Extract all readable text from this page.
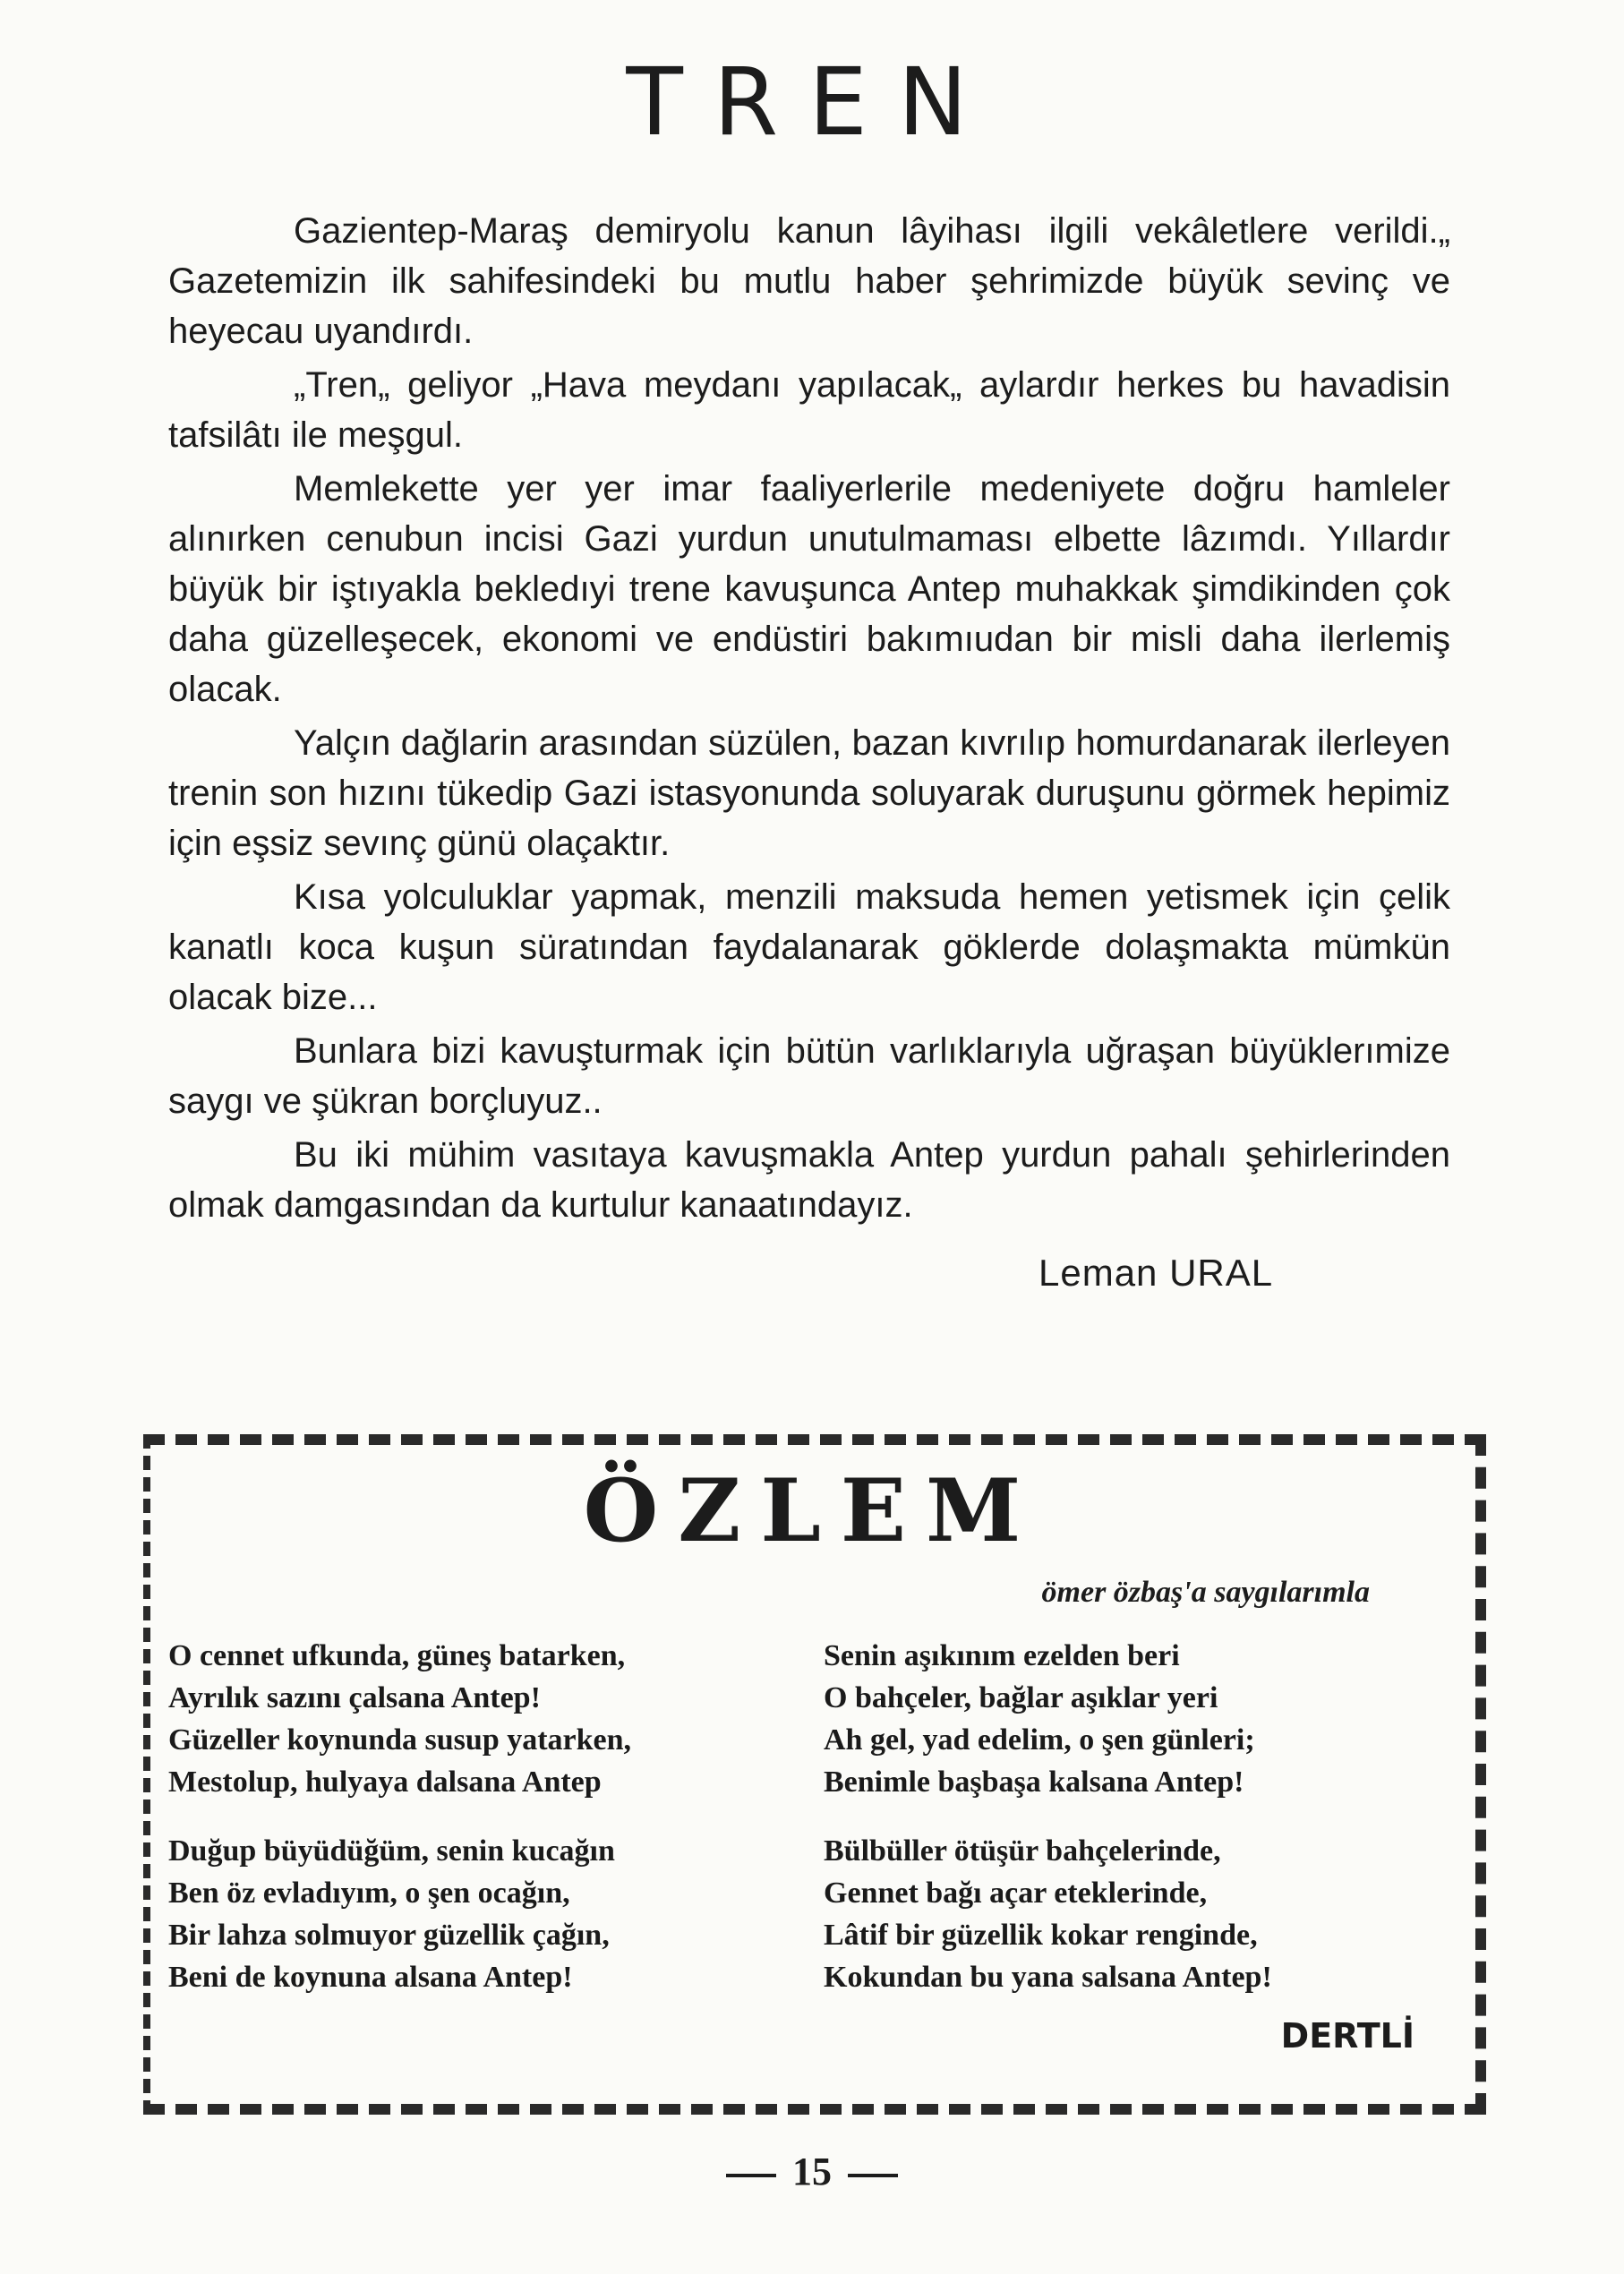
TREN

Gazientep-Maraş demiryolu kanun lâyihası ilgili vekâletlere verildi.„ Gazetemizin ilk sahifesindeki bu mutlu haber şehrimizde büyük sevinç ve heyecau uyandırdı.

„Tren„ geliyor „Hava meydanı yapılacak„ aylardır herkes bu havadisin tafsilâtı ile meşgul.

Memlekette yer yer imar faaliyerlerile medeniyete doğru hamleler alınırken cenubun incisi Gazi yurdun unutulmaması elbette lâzımdı. Yıllardır büyük bir iştıyakla bekledıyi trene kavuşunca Antep muhakkak şimdikinden çok daha güzelleşecek, ekonomi ve endüstiri bakımıudan bir misli daha ilerlemiş olacak.

Yalçın dağlarin arasından süzülen, bazan kıvrılıp homurdanarak ilerleyen trenin son hızını tükedip Gazi istasyonunda soluyarak duruşunu görmek hepimiz için eşsiz sevınç günü olaçaktır.

Kısa yolculuklar yapmak, menzili maksuda hemen yetismek için çelik kanatlı koca kuşun süratından faydalanarak göklerde dolaşmakta mümkün olacak bize...

Bunlara bizi kavuşturmak için bütün varlıklarıyla uğraşan büyüklerımize saygı ve şükran borçluyuz..

Bu iki mühim vasıtaya kavuşmakla Antep yurdun pahalı şehirlerinden olmak damgasından da kurtulur kanaatındayız.

Leman URAL
ÖZLEM
ömer özbaş'a saygılarımla
O cennet ufkunda, güneş batarken,
Ayrılık sazını çalsana Antep!
Güzeller koynunda susup yatarken,
Mestolup, hulyaya dalsana Antep
Duğup büyüdüğüm, senin kucağın
Ben öz evladıyım, o şen ocağın,
Bir lahza solmuyor güzellik çağın,
Beni de koynuna alsana Antep!
Senin aşıkınım ezelden beri
O bahçeler, bağlar aşıklar yeri
Ah gel, yad edelim, o şen günleri;
Benimle başbaşa kalsana Antep!
Bülbüller ötüşür bahçelerinde,
Gennet bağı açar eteklerinde,
Lâtif bir güzellik kokar renginde,
Kokundan bu yana salsana Antep!
DERTLİ
15
